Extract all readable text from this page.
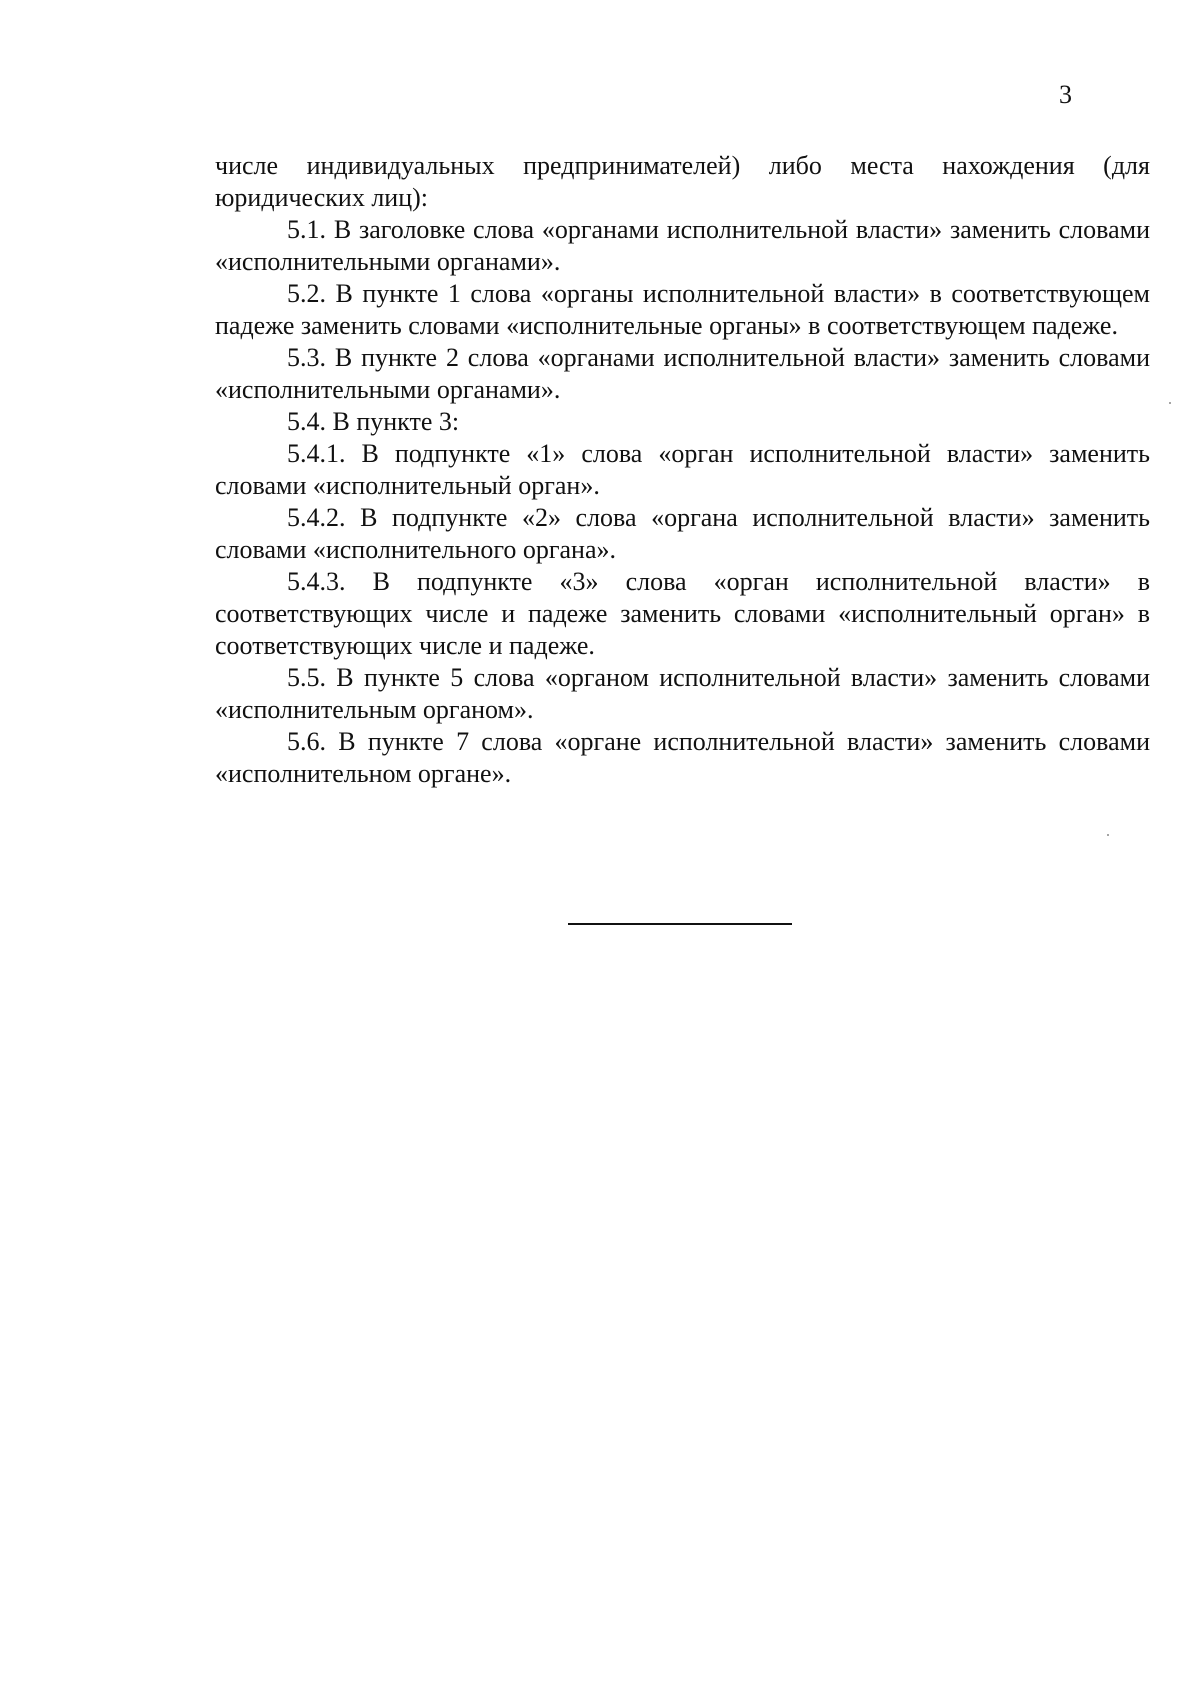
3

числе индивидуальных предпринимателей) либо места нахождения (для юридических лиц):

5.1. В заголовке слова «органами исполнительной власти» заменить словами «исполнительными органами».

5.2. В пункте 1 слова «органы исполнительной власти» в соответствующем падеже заменить словами «исполнительные органы» в соответствующем падеже.

5.3. В пункте 2 слова «органами исполнительной власти» заменить словами «исполнительными органами».

5.4. В пункте 3:

5.4.1. В подпункте «1» слова «орган исполнительной власти» заменить словами «исполнительный орган».

5.4.2. В подпункте «2» слова «органа исполнительной власти» заменить словами «исполнительного органа».

5.4.3. В подпункте «3» слова «орган исполнительной власти» в соответствующих числе и падеже заменить словами «исполнительный орган» в соответствующих числе и падеже.

5.5. В пункте 5 слова «органом исполнительной власти» заменить словами «исполнительным органом».

5.6. В пункте 7 слова «органе исполнительной власти» заменить словами «исполнительном органе».
